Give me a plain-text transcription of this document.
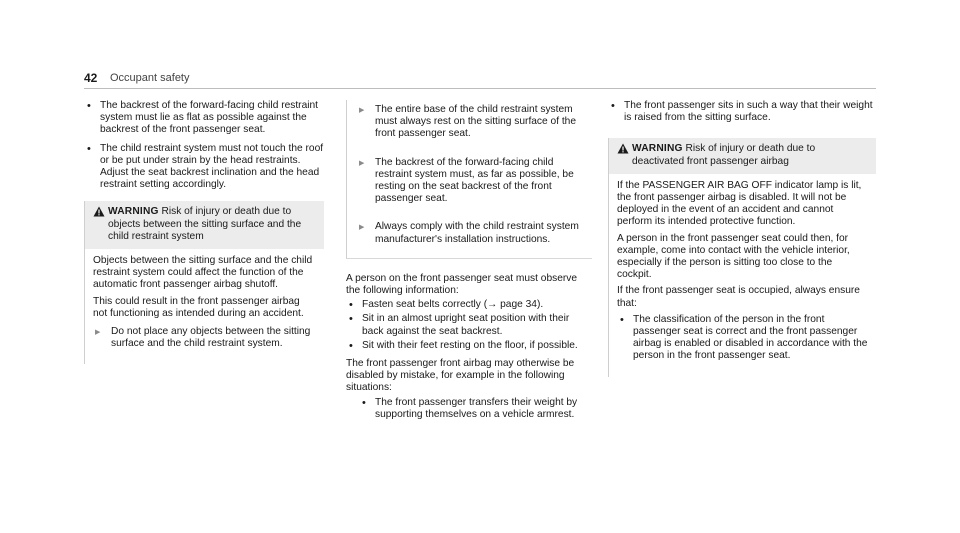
42 Occupant safety
• The backrest of the forward-facing child restraint system must lie as flat as possible against the backrest of the front passenger seat.
• The child restraint system must not touch the roof or be put under strain by the head restraints. Adjust the seat backrest inclination and the head restraint setting accordingly.
WARNING Risk of injury or death due to objects between the sitting surface and the child restraint system

Objects between the sitting surface and the child restraint system could affect the function of the automatic front passenger airbag shutoff.

This could result in the front passenger airbag not functioning as intended during an accident.

▶ Do not place any objects between the sitting surface and the child restraint system.
▶ The entire base of the child restraint system must always rest on the sitting surface of the front passenger seat.
▶ The backrest of the forward-facing child restraint system must, as far as possible, be resting on the seat backrest of the front passenger seat.
▶ Always comply with the child restraint system manufacturer's installation instructions.

A person on the front passenger seat must observe the following information:

• Fasten seat belts correctly (→ page 34).
• Sit in an almost upright seat position with their back against the seat backrest.
• Sit with their feet resting on the floor, if possible.

The front passenger front airbag may otherwise be disabled by mistake, for example in the following situations:

• The front passenger transfers their weight by supporting themselves on a vehicle armrest.
• The front passenger sits in such a way that their weight is raised from the sitting surface.
WARNING Risk of injury or death due to deactivated front passenger airbag

If the PASSENGER AIR BAG OFF indicator lamp is lit, the front passenger airbag is disabled. It will not be deployed in the event of an accident and cannot perform its intended protective function.

A person in the front passenger seat could then, for example, come into contact with the vehicle interior, especially if the person is sitting too close to the cockpit.

If the front passenger seat is occupied, always ensure that:

• The classification of the person in the front passenger seat is correct and the front passenger airbag is enabled or disabled in accordance with the person in the front passenger seat.
